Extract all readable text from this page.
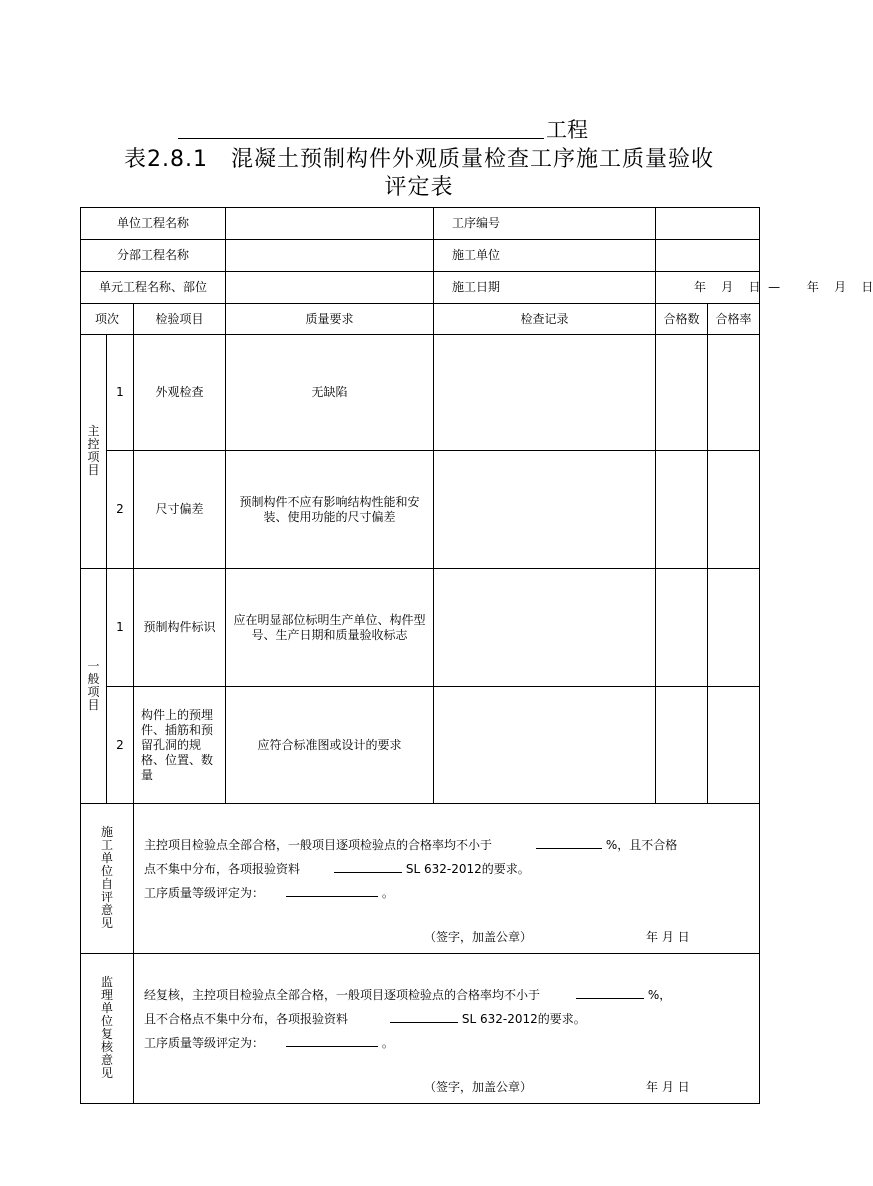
工程
表2.8.1　混凝土预制构件外观质量检查工序施工质量验收
评定表
单位工程名称				工序编号		
分部工程名称				施工单位		
单元工程名称、部位				施工日期	年    月    日  —       年    月    日	
项次		检验项目	质量要求	检查记录	合格数	合格率
主控项目	1	外观检查	无缺陷			
	2	尺寸偏差	预制构件不应有影响结构性能和安装、使用功能的尺寸偏差			
一般项目	1	预制构件标识	应在明显部位标明生产单位、构件型号、生产日期和质量验收标志			
	2	构件上的预埋件、插筋和预留孔洞的规格、位置、数量	应符合标准图或设计的要求			
施工单位自评意见		主控项目检验点全部合格，一般项目逐项检验点的合格率均不小于 %，且不合格
点不集中分布，各项报验资料 SL 632-2012的要求。
工序质量等级评定为： 。
（签字，加盖公章） 年 月 日				

监理单位复核意见		经复核，主控项目检验点全部合格，一般项目逐项检验点的合格率均不小于 %，
且不合格点不集中分布，各项报验资料 SL 632-2012的要求。
工序质量等级评定为： 。
（签字，加盖公章） 年 月 日				
